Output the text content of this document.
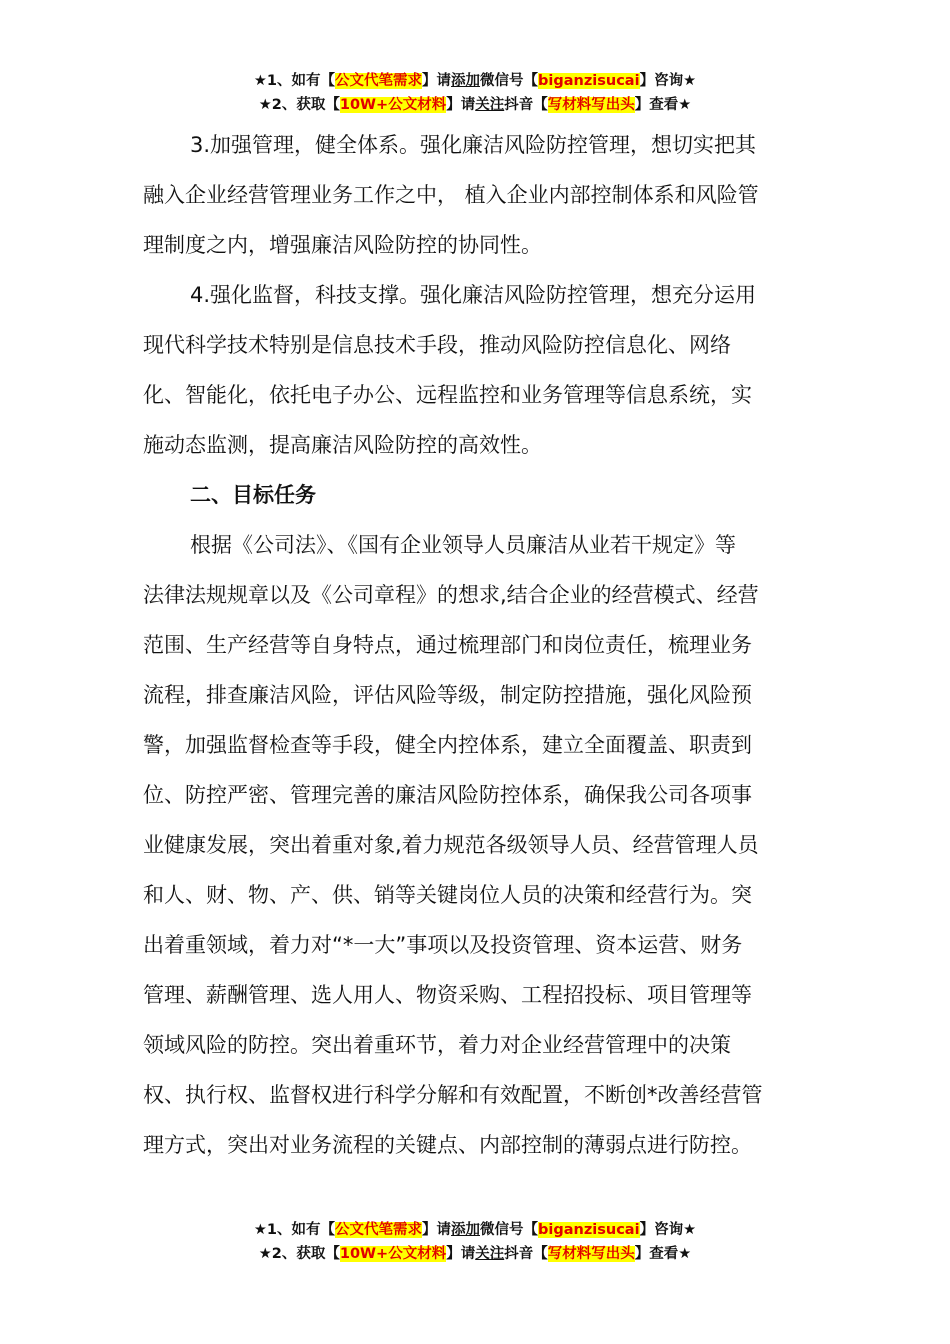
★1、如有【公文代笔需求】请添加微信号【biganzisucai】咨询★
★2、获取【10W+公文材料】请关注抖音【写材料写出头】查看★

3.加强管理，健全体系。强化廉洁风险防控管理，想切实把其
融入企业经营管理业务工作之中， 植入企业内部控制体系和风险管
理制度之内，增强廉洁风险防控的协同性。

4.强化监督，科技支撑。强化廉洁风险防控管理，想充分运用
现代科学技术特别是信息技术手段，推动风险防控信息化、网络
化、智能化，依托电子办公、远程监控和业务管理等信息系统，实
施动态监测，提高廉洁风险防控的高效性。

二、目标任务

根据《公司法》、《国有企业领导人员廉洁从业若干规定》等
法律法规规章以及《公司章程》的想求,结合企业的经营模式、经营
范围、生产经营等自身特点，通过梳理部门和岗位责任，梳理业务
流程，排查廉洁风险，评估风险等级，制定防控措施，强化风险预
警，加强监督检查等手段，健全内控体系，建立全面覆盖、职责到
位、防控严密、管理完善的廉洁风险防控体系，确保我公司各项事
业健康发展，突出着重对象,着力规范各级领导人员、经营管理人员
和人、财、物、产、供、销等关键岗位人员的决策和经营行为。突
出着重领域，着力对“*一大”事项以及投资管理、资本运营、财务
管理、薪酬管理、选人用人、物资采购、工程招投标、项目管理等
领域风险的防控。突出着重环节，着力对企业经营管理中的决策
权、执行权、监督权进行科学分解和有效配置，不断创*改善经营管
理方式，突出对业务流程的关键点、内部控制的薄弱点进行防控。

★1、如有【公文代笔需求】请添加微信号【biganzisucai】咨询★
★2、获取【10W+公文材料】请关注抖音【写材料写出头】查看★
